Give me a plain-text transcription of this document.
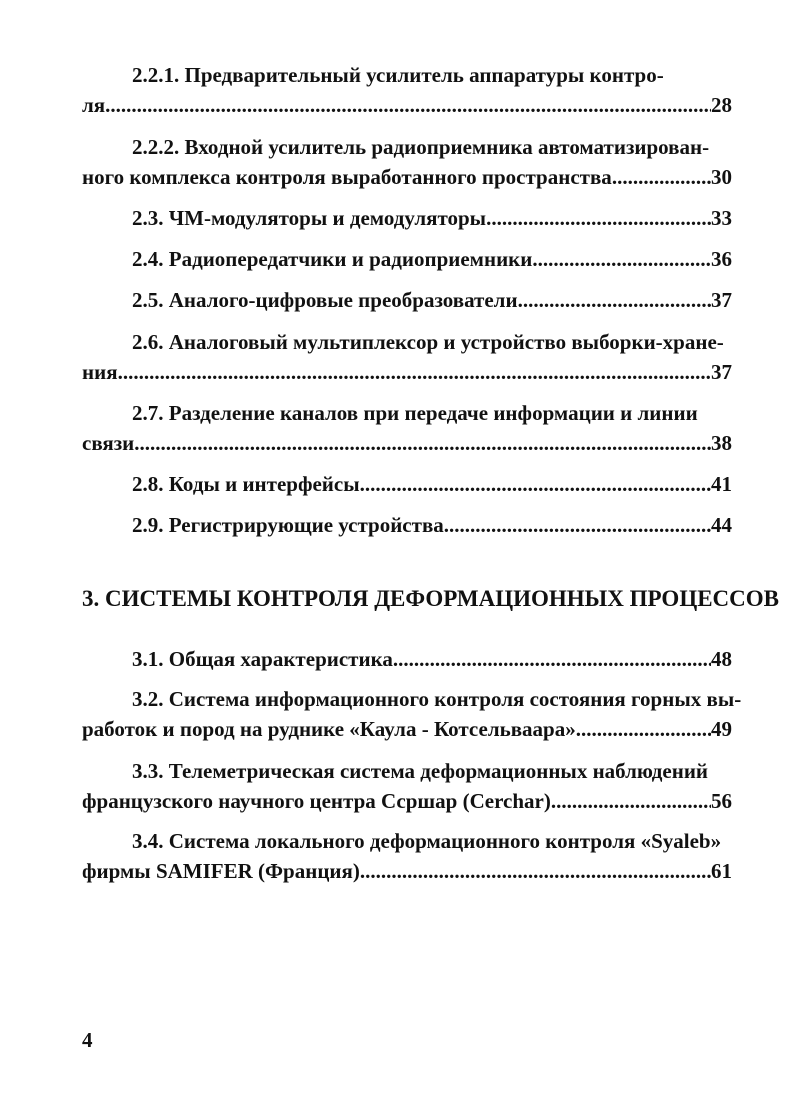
2.2.1. Предварительный усилитель аппаратуры контро-
ля .....	28
2.2.2. Входной усилитель радиоприемника автоматизирован-
ного комплекса контроля выработанного пространства .....	30
2.3. ЧМ-модуляторы и демодуляторы .....	33
2.4. Радиопередатчики и радиоприемники .....	36
2.5. Аналого-цифровые преобразователи .....	37
2.6. Аналоговый мультиплексор и устройство выборки-хране-
ния .....	37
2.7. Разделение каналов при передаче информации и линии
связи .....	38
2.8. Коды и интерфейсы .....	41
2.9. Регистрирующие устройства .....	44
3. СИСТЕМЫ КОНТРОЛЯ ДЕФОРМАЦИОННЫХ ПРОЦЕССОВ
3.1. Общая характеристика .....	48
3.2. Система информационного контроля состояния горных вы-
работок и пород на руднике «Каула - Котсельваара» .....	49
3.3. Телеметрическая система деформационных наблюдений
французского научного центра Ссршар (Cerchar) .....	56
3.4. Система локального деформационного контроля «Syaleb»
фирмы SAMIFER (Франция) .....	61
4
